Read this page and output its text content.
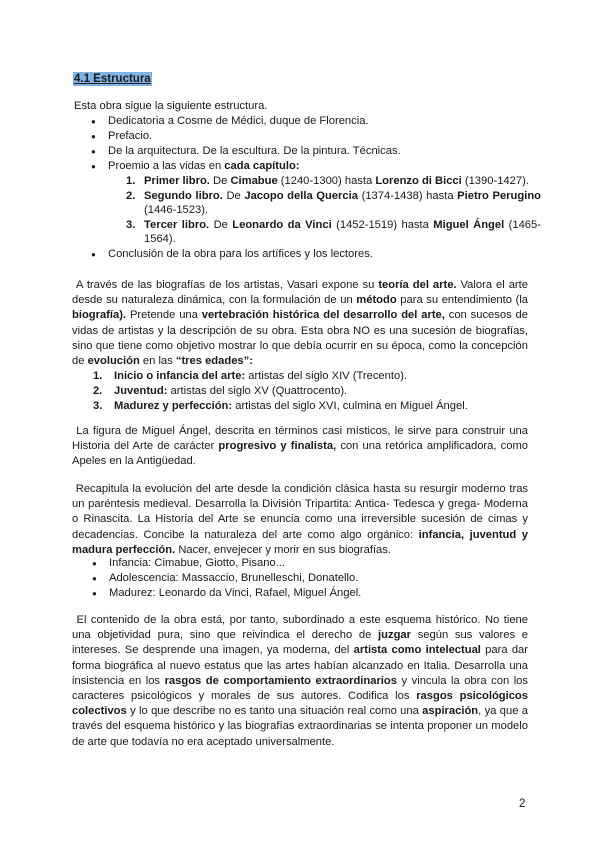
4.1 Estructura

Esta obra sigue la siguiente estructura.

● Dedicatoria a Cosme de Médici, duque de Florencia.
● Prefacio.
● De la arquitectura. De la escultura. De la pintura. Técnicas.
● Proemio a las vidas en cada capítulo:
1. Primer libro. De Cimabue (1240-1300) hasta Lorenzo di Bicci (1390-1427).
2. Segundo libro. De Jacopo della Quercia (1374-1438) hasta Pietro Perugino (1446-1523).
3. Tercer libro. De Leonardo da Vinci (1452-1519) hasta Miguel Ángel (1465-1564).
● Conclusión de la obra para los artífices y los lectores.

A través de las biografías de los artistas, Vasari expone su teoría del arte. Valora el arte desde su naturaleza dinámica, con la formulación de un método para su entendimiento (la biografía). Pretende una vertebración histórica del desarrollo del arte, con sucesos de vidas de artistas y la descripción de su obra. Esta obra NO es una sucesión de biografías, sino que tiene como objetivo mostrar lo que debía ocurrir en su época, como la concepción de evolución en las “tres edades”:

1. Inicio o infancia del arte: artistas del siglo XIV (Trecento).
2. Juventud: artistas del siglo XV (Quattrocento).
3. Madurez y perfección: artistas del siglo XVI, culmina en Miguel Ángel.

La figura de Miguel Ángel, descrita en términos casi místicos, le sirve para construir una Historia del Arte de carácter progresivo y finalista, con una retórica amplificadora, como Apeles en la Antigüedad.

Recapitula la evolución del arte desde la condición clásica hasta su resurgir moderno tras un paréntesis medieval. Desarrolla la División Tripartita: Antica- Tedesca y grega- Moderna o Rinascita. La Historia del Arte se enuncia como una irreversible sucesión de cimas y decadencias. Concibe la naturaleza del arte como algo orgánico: infancia, juventud y madura perfección. Nacer, envejecer y morir en sus biografías.

● Infancia: Cimabue, Giotto, Pisano...
● Adolescencia: Massaccio, Brunelleschi, Donatello.
● Madurez: Leonardo da Vinci, Rafael, Miguel Ángel.

El contenido de la obra está, por tanto, subordinado a este esquema histórico. No tiene una objetividad pura, sino que reivindica el derecho de juzgar según sus valores e intereses. Se desprende una imagen, ya moderna, del artista como intelectual para dar forma biográfica al nuevo estatus que las artes habían alcanzado en Italia. Desarrolla una insistencia en los rasgos de comportamiento extraordinarios y vincula la obra con los caracteres psicológicos y morales de sus autores. Codifica los rasgos psicológicos colectivos y lo que describe no es tanto una situación real como una aspiración, ya que a través del esquema histórico y las biografías extraordinarias se intenta proponer un modelo de arte que todavía no era aceptado universalmente.

2
